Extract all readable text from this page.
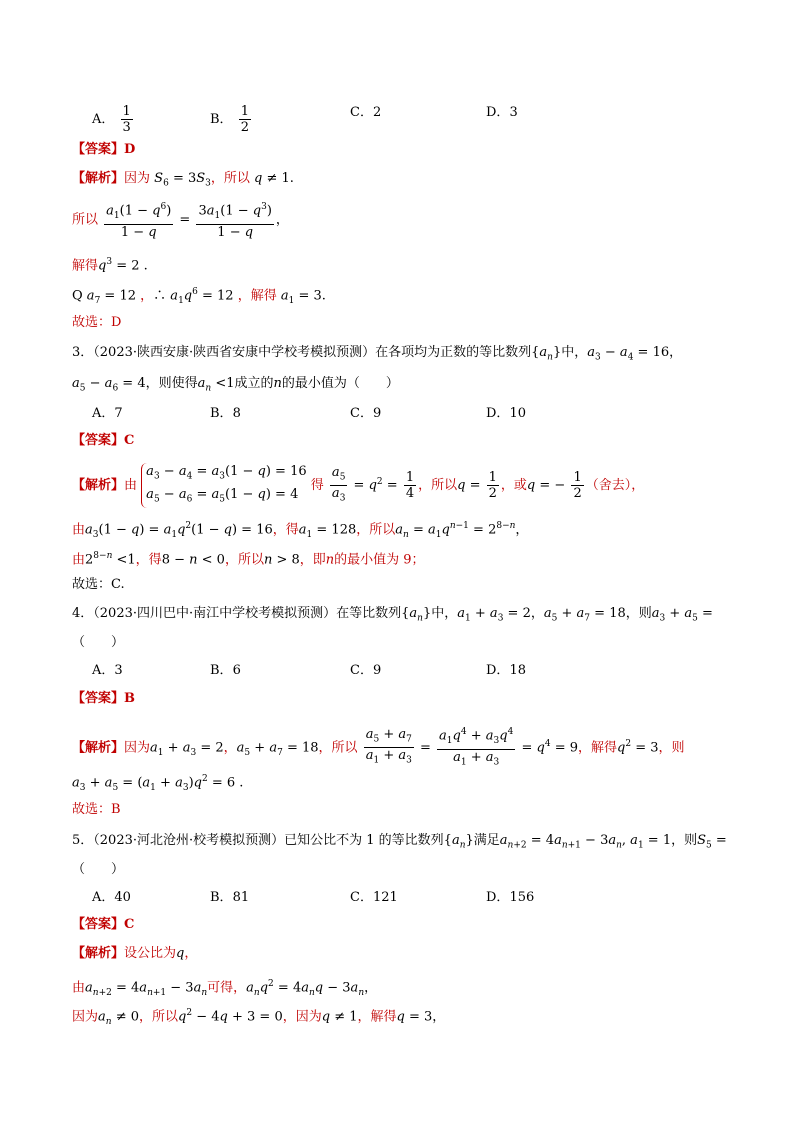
A． $\frac{1}{3}$	B． $\frac{1}{2}$	C．2	D．3
【答案】D
【解析】因为 $S_6 = 3S_3$，所以 q ≠ 1.
所以 $\frac{a_1(1 - q^6)}{1 - q} = \frac{3a_1(1 - q^3)}{1 - q}$ ，
解得$q^3 = 2$ .
Q $a_7 = 12$ ，∴ $a_1q^6 = 12$ ，解得 $a_1 = 3$.
故选：D
3．（2023·陕西安康·陕西省安康中学校考模拟预测）在各项均为正数的等比数列$\{a_n\}$中，$a_3 - a_4 = 16$，
$a_5 - a_6 = 4$，则使得$a_n <1$成立的n的最小值为（　　）
A．7	B．8	C．9	D．10
【答案】C
【解析】由
$a_3 - a_4 = a_3(1 - q) = 16$
$a_5 - a_6 = a_5(1 - q) = 4$
得 $\frac{a_5}{a_3} = q^2 = \frac{1}{4}$ ，所以$q = \frac{1}{2}$ ，或q = − $\frac{1}{2}$ （舍去），
由$a_3(1 - q) = a_1q^2(1 - q) = 16$，得$a_1 = 128$，所以$a_n = a_1q^{n-1} = 2^{8-n}$，
由$2^{8-n} <1$，得8 − n < 0，所以n > 8，即n的最小值为 9；
故选：C.
4．（2023·四川巴中·南江中学校考模拟预测）在等比数列$\{a_n\}$中，$a_1 + a_3 = 2$，$a_5 + a_7 = 18$，则$a_3 + a_5$ =
（　　）
A．3	B．6	C．9	D．18
【答案】B
【解析】因为$a_1 + a_3 = 2$，$a_5 + a_7 = 18$，所以 $\frac{a_5 + a_7}{a_1 + a_3} = \frac{a_1q^4 + a_3q^4}{a_1 + a_3} = q^4 = 9$，解得$q^2 = 3$，则
$a_3 + a_5 = (a_1 + a_3)q^2 = 6$ .
故选：B
5．（2023·河北沧州·校考模拟预测）已知公比不为 1 的等比数列$\{a_n\}$满足$a_{n+2} = 4a_{n+1} - 3a_n$, $a_1 = 1$，则$S_5$ =
（　　）
A．40	B．81	C．121	D．156
【答案】C
【解析】设公比为q，
由$a_{n+2} = 4a_{n+1} - 3a_n$可得，$a_nq^2 = 4a_nq - 3a_n$，
因为$a_n \ne 0$，所以$q^2 - 4q + 3 = 0$，因为q ≠ 1，解得q = 3，
